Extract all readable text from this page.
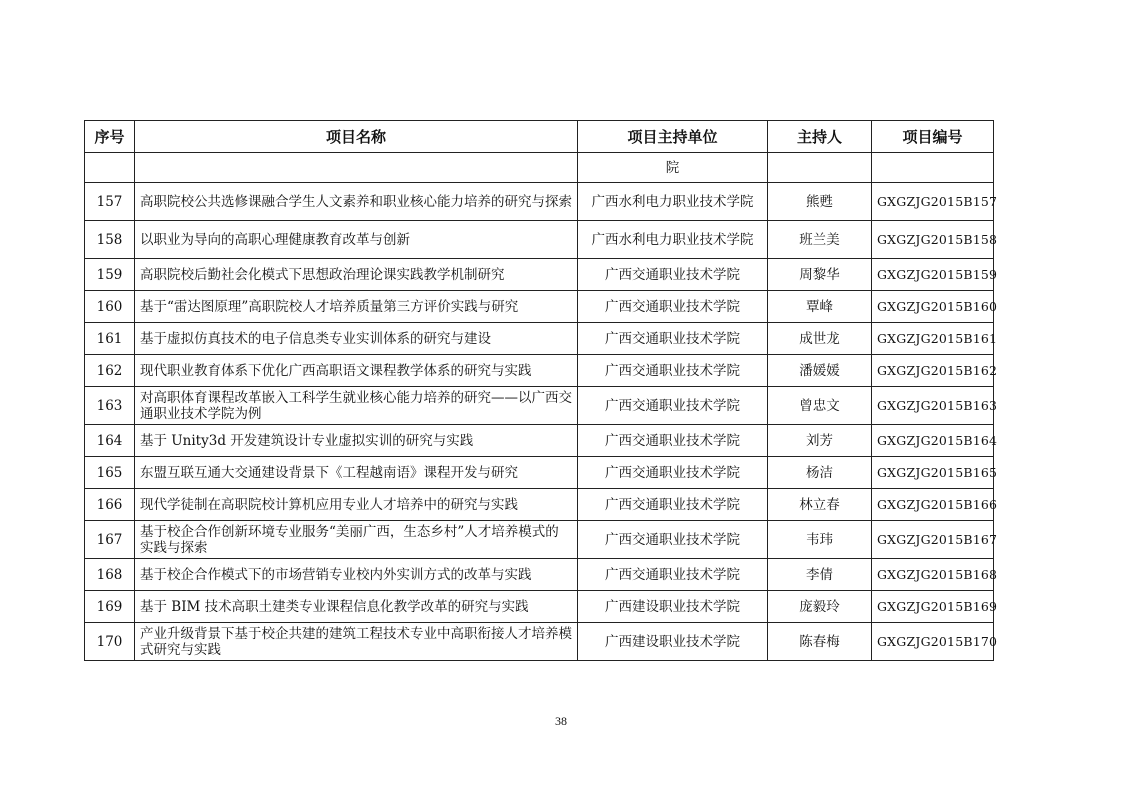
序号	项目名称	项目主持单位	主持人	项目编号
		院		
157	高职院校公共选修课融合学生人文素养和职业核心能力培养的研究与探索	广西水利电力职业技术学院	熊甦	GXGZJG2015B157
158	以职业为导向的高职心理健康教育改革与创新	广西水利电力职业技术学院	班兰美	GXGZJG2015B158
159	高职院校后勤社会化模式下思想政治理论课实践教学机制研究	广西交通职业技术学院	周黎华	GXGZJG2015B159
160	基于“雷达图原理”高职院校人才培养质量第三方评价实践与研究	广西交通职业技术学院	覃峰	GXGZJG2015B160
161	基于虚拟仿真技术的电子信息类专业实训体系的研究与建设	广西交通职业技术学院	成世龙	GXGZJG2015B161
162	现代职业教育体系下优化广西高职语文课程教学体系的研究与实践	广西交通职业技术学院	潘媛媛	GXGZJG2015B162
163	对高职体育课程改革嵌入工科学生就业核心能力培养的研究——以广西交通职业技术学院为例	广西交通职业技术学院	曾忠文	GXGZJG2015B163
164	基于 Unity3d 开发建筑设计专业虚拟实训的研究与实践	广西交通职业技术学院	刘芳	GXGZJG2015B164
165	东盟互联互通大交通建设背景下《工程越南语》课程开发与研究	广西交通职业技术学院	杨洁	GXGZJG2015B165
166	现代学徒制在高职院校计算机应用专业人才培养中的研究与实践	广西交通职业技术学院	林立春	GXGZJG2015B166
167	基于校企合作创新环境专业服务“美丽广西，生态乡村”人才培养模式的实践与探索	广西交通职业技术学院	韦玮	GXGZJG2015B167
168	基于校企合作模式下的市场营销专业校内外实训方式的改革与实践	广西交通职业技术学院	李倩	GXGZJG2015B168
169	基于 BIM 技术高职土建类专业课程信息化教学改革的研究与实践	广西建设职业技术学院	庞毅玲	GXGZJG2015B169
170	产业升级背景下基于校企共建的建筑工程技术专业中高职衔接人才培养模式研究与实践	广西建设职业技术学院	陈春梅	GXGZJG2015B170
38
